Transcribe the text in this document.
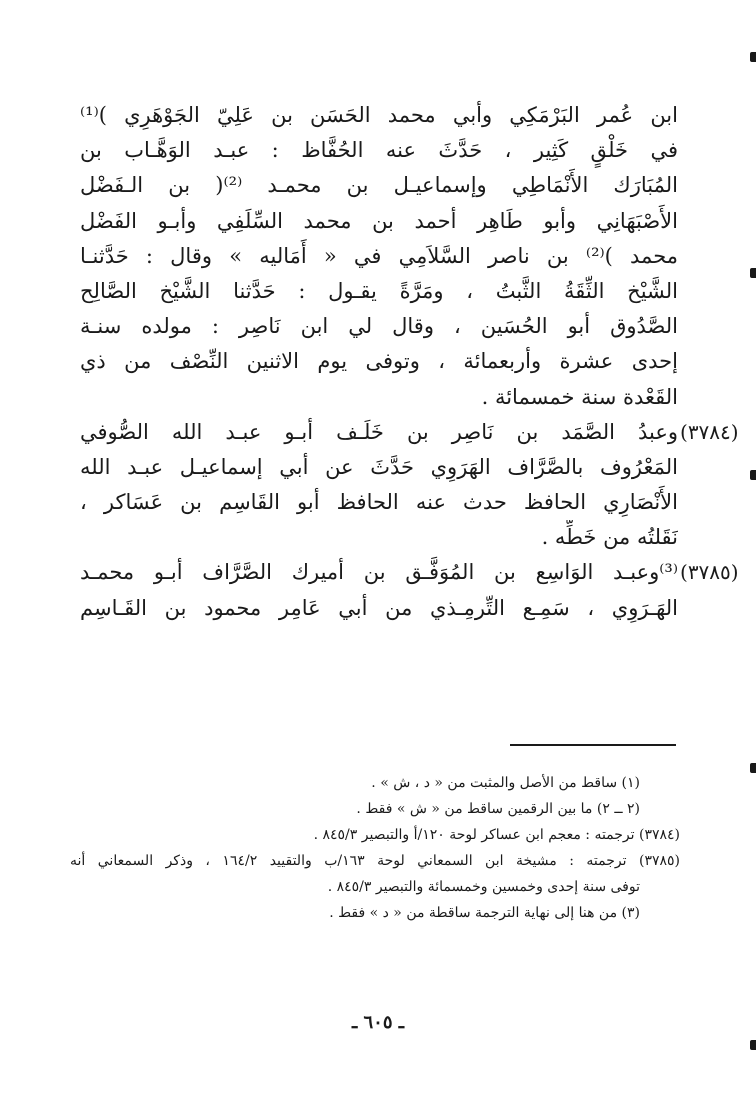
ابن عُمر البَرْمَكِي وأبي محمد الحَسَن بن عَلِيّ الجَوْهَرِي )⁽¹⁾
في خَلْقٍ كَثِير ، حَدَّثَ عنه الحُفَّاظ : عبـد الوَهَّـاب بن
المُبَارَك الأَنْمَاطِي وإسماعيـل بن محمـد ⁽²⁾( بن الـفَضْل
الأَصْبَهَانِي وأبو طَاهِر أحمد بن محمد السِّلَفِي وأبـو الفَضْل
محمد )⁽²⁾ بن ناصر السَّلاَمِي في « أَمَاليه » وقال : حَدَّثنـا
الشَّيْخ الثِّقَةُ الثَّبتُ ، ومَرَّةً يقـول : حَدَّثنا الشَّيْخ الصَّالِح
الصَّدُوق أبو الحُسَين ، وقال لي ابن نَاصِر : مولده سنـة
إحدى عشرة وأربعمائة ، وتوفى يوم الاثنين النِّصْف من ذي
القَعْدة سنة خمسمائة .
(٣٧٨٤)
وعبدُ الصَّمَد بن نَاصِر بن خَلَـف أبـو عبـد الله الصُّوفي
المَعْرُوف بالصَّرَّاف الهَرَوِي حَدَّثَ عن أبي إسماعيـل عبـد الله
الأَنْصَارِي الحافظ حدث عنه الحافظ أبو القَاسِم بن عَسَاكر ،
نَقَلتُه من خَطِّه .
(٣٧٨٥)
⁽³⁾وعبـد الوَاسِع بن المُوَفَّـق بن أميرك الصَّرَّاف أبـو محمـد
الهَـرَوِي ، سَمِـع التِّرمِـذي من أبي عَامِر محمود بن القَـاسِم
(١) ساقط من الأصل والمثبت من « د ، ش » .
(٢ ــ ٢) ما بين الرقمين ساقط من « ش » فقط .
(٣٧٨٤) ترجمته : معجم ابن عساكر لوحة ١٢٠/أ والتبصير ٨٤٥/٣ .
(٣٧٨٥) ترجمته : مشيخة ابن السمعاني لوحة ١٦٣/ب والتقييد ١٦٤/٢ ، وذكر السمعاني أنه
توفى سنة إحدى وخمسين وخمسمائة والتبصير ٨٤٥/٣ .
(٣) من هنا إلى نهاية الترجمة ساقطة من « د » فقط .
ـ ٦٠٥ ـ
